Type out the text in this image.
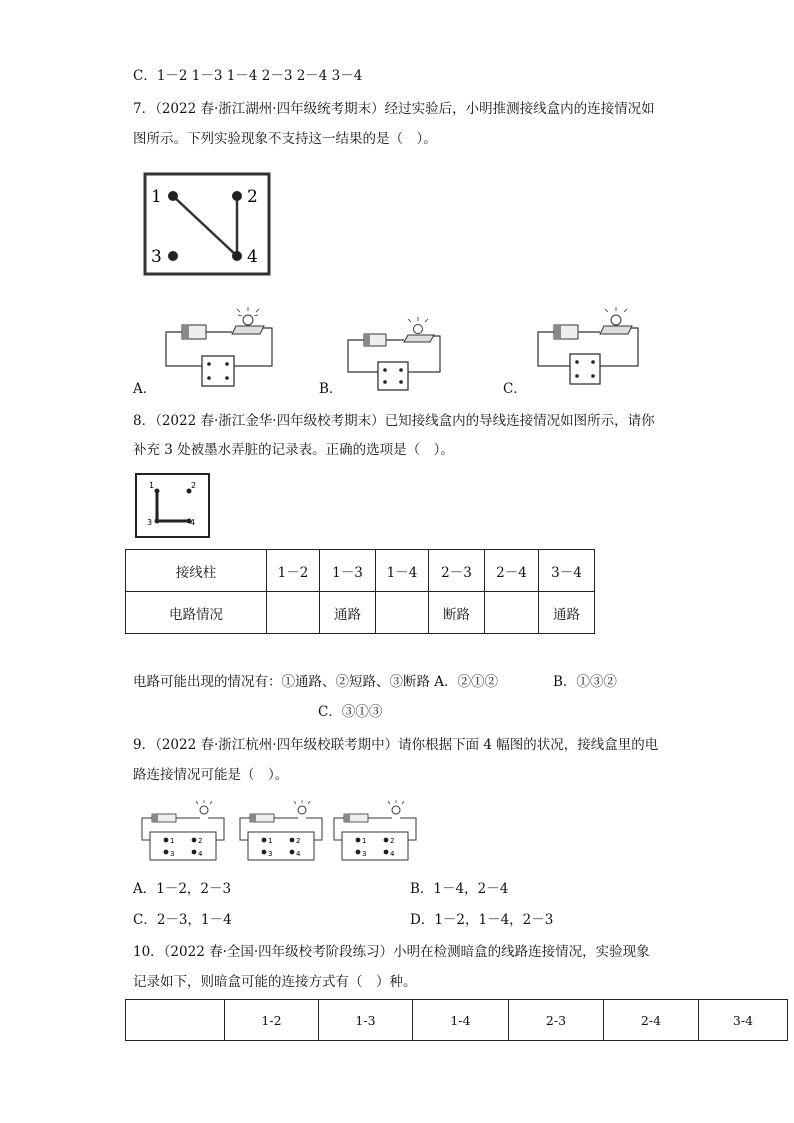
C．1－2 1－3 1－4 2－3 2－4 3－4
7．（2022 春·浙江湖州·四年级统考期末）经过实验后，小明推测接线盒内的连接情况如
图所示。下列实验现象不支持这一结果的是（　）。
1	2
3	4
A．	B．	C．
8．（2022 春·浙江金华·四年级校考期末）已知接线盒内的导线连接情况如图所示，请你
补充 3 处被墨水弄脏的记录表。正确的选项是（　）。
1	2
3	4
接线柱	1－2	1－3	1－4	2－3	2－4	3－4
电路情况		通路		断路		通路
电路可能出现的情况有：①通路、②短路、③断路 A．②①②	B．①③②
C．③①③
9．（2022 春·浙江杭州·四年级校联考期中）请你根据下面 4 幅图的状况，接线盒里的电
路连接情况可能是（　）。
1	2
3	4
1	2
3	4
1	2
3	4
A．1－2，2－3	B．1－4，2－4
C．2－3，1－4	D．1－2，1－4，2－3
10．（2022 春·全国·四年级校考阶段练习）小明在检测暗盒的线路连接情况，实验现象
记录如下，则暗盒可能的连接方式有（　）种。
	1-2	1-3	1-4	2-3	2-4	3-4
